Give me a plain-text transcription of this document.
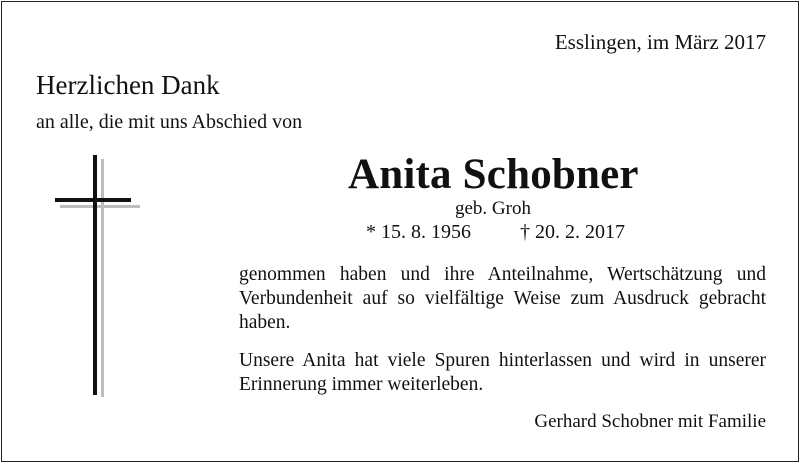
Esslingen, im März 2017
Herzlichen Dank
an alle, die mit uns Abschied von
Anita Schobner
geb. Groh
* 15. 8. 1956 † 20. 2. 2017
genommen haben und ihre Anteilnahme, Wertschätzung und Verbundenheit auf so vielfältige Weise zum Ausdruck gebracht haben.
Unsere Anita hat viele Spuren hinterlassen und wird in unserer Erinnerung immer weiterleben.
Gerhard Schobner mit Familie
